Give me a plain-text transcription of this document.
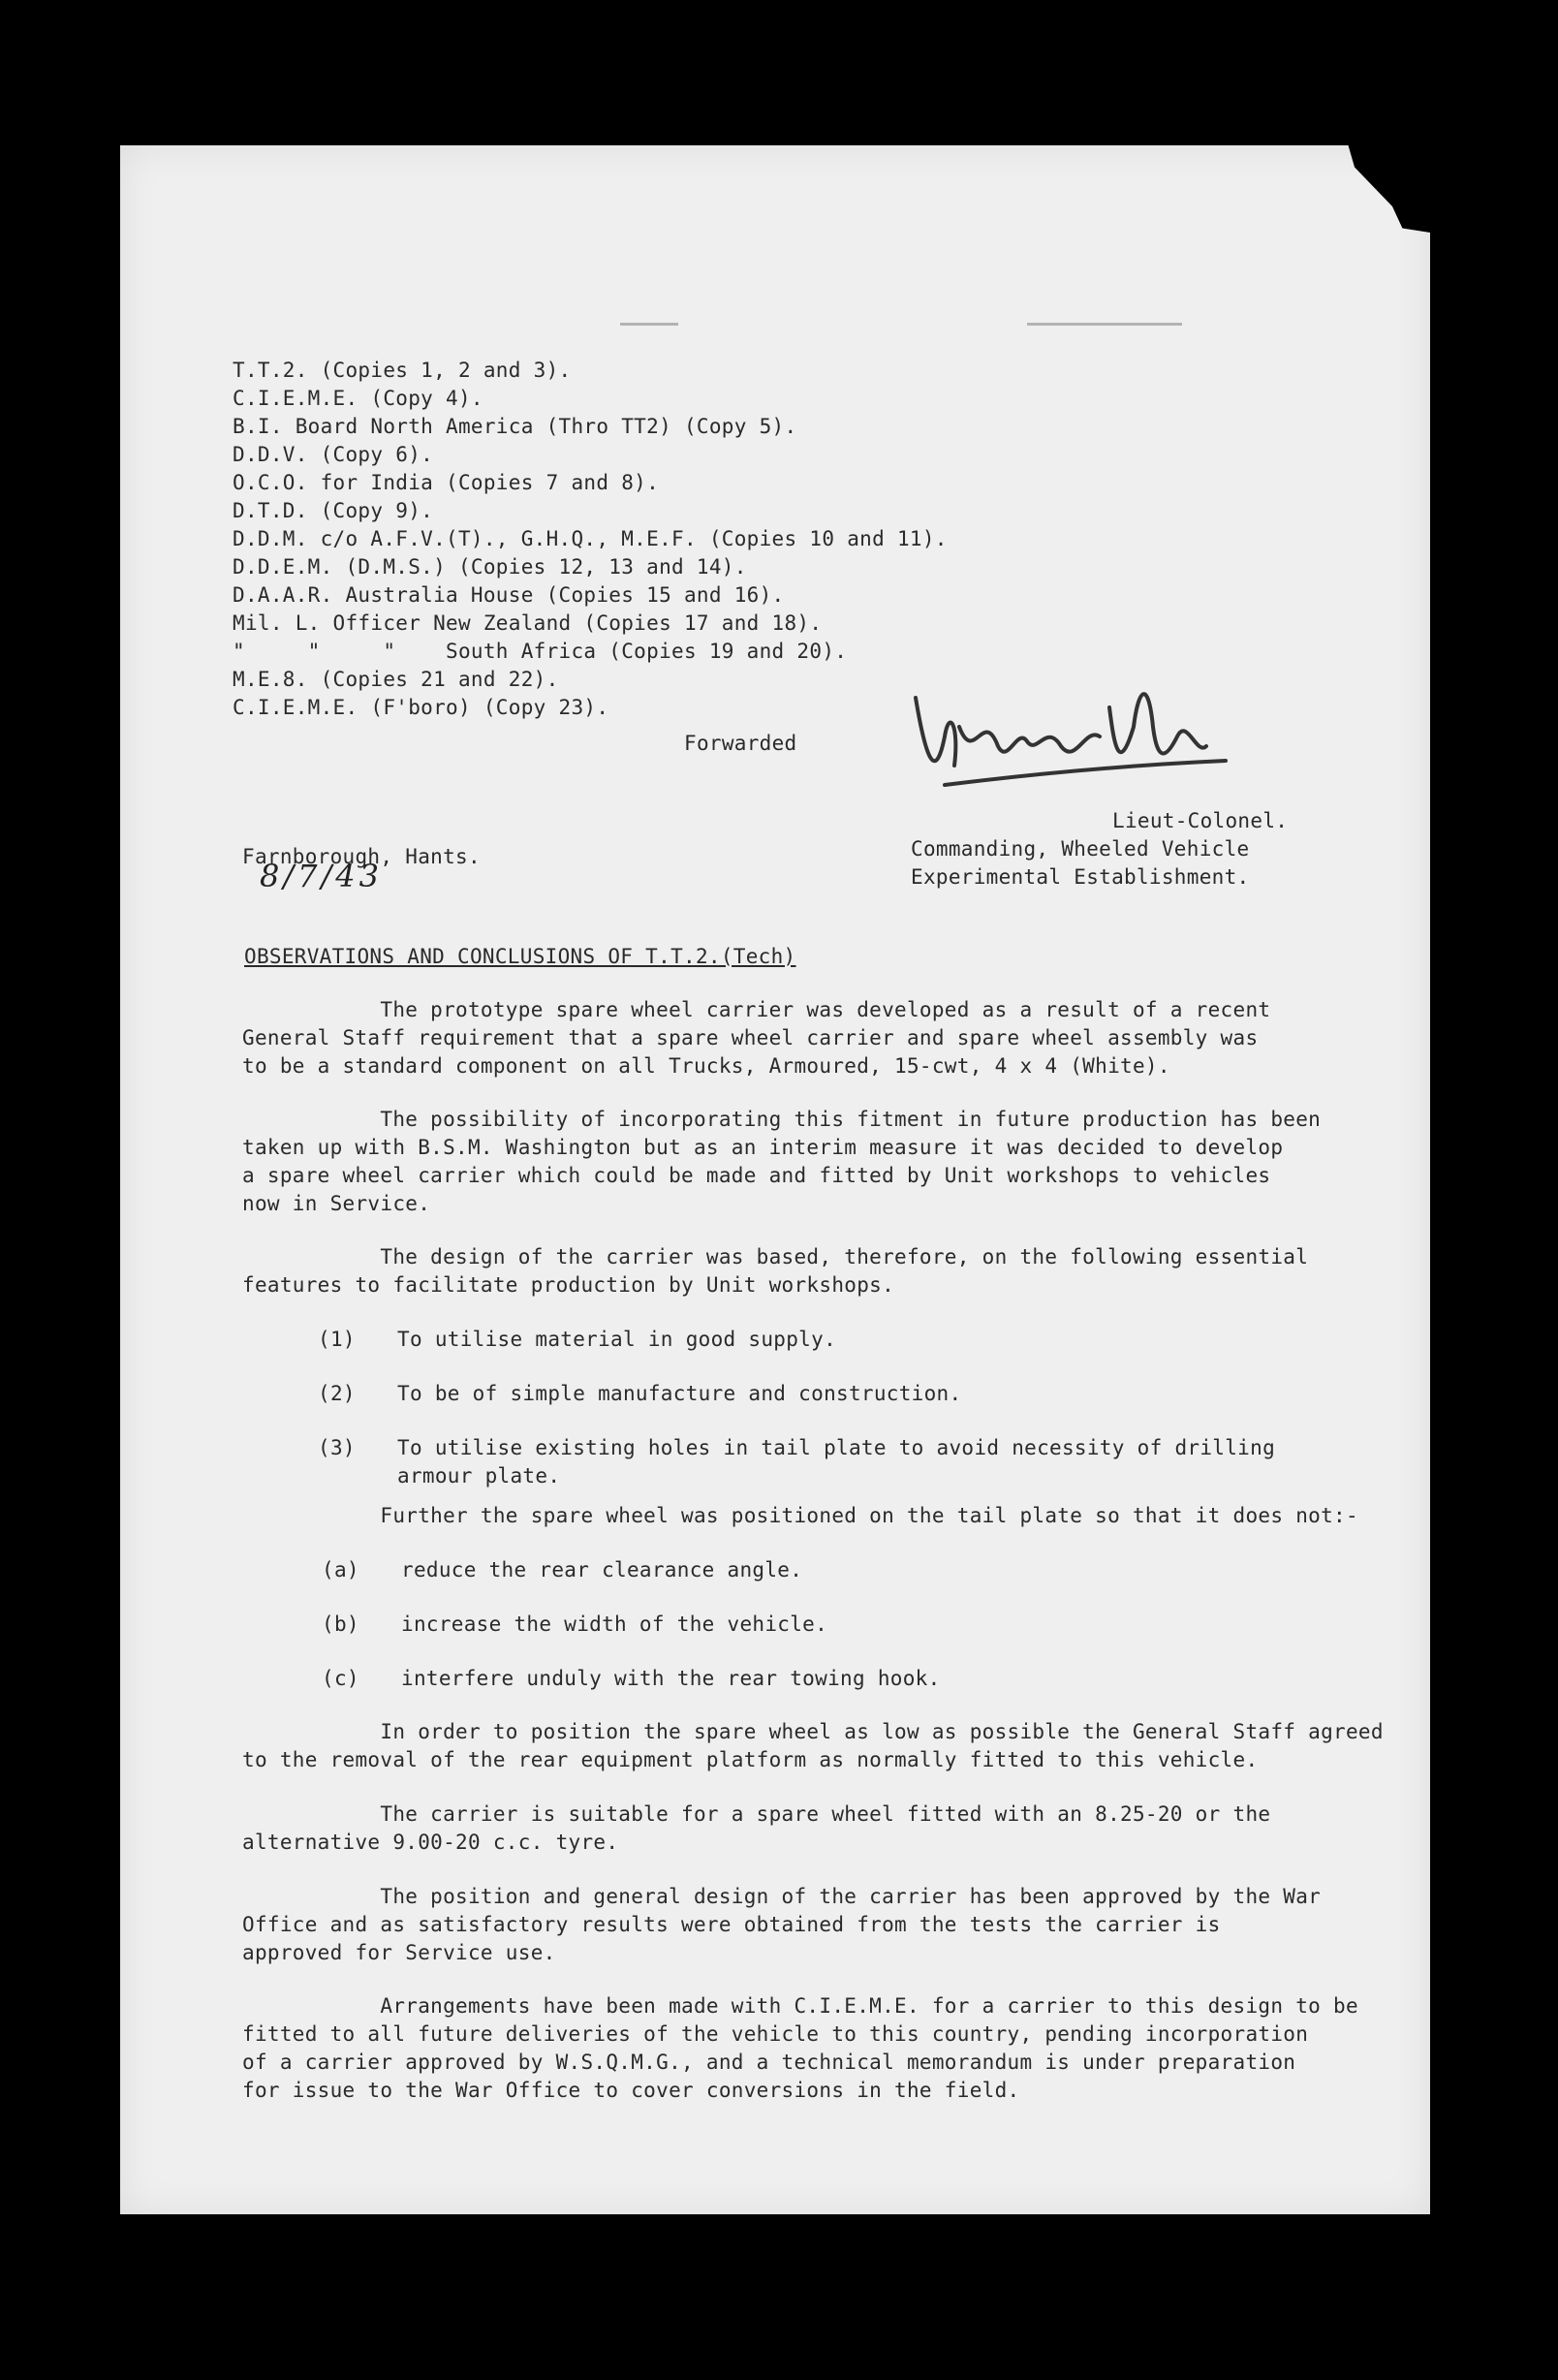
T.T.2. (Copies 1, 2 and 3).
C.I.E.M.E. (Copy 4).
B.I. Board North America (Thro TT2) (Copy 5).
D.D.V. (Copy 6).
O.C.O. for India (Copies 7 and 8).
D.T.D. (Copy 9).
D.D.M. c/o A.F.V.(T)., G.H.Q., M.E.F. (Copies 10 and 11).
D.D.E.M. (D.M.S.) (Copies 12, 13 and 14).
D.A.A.R. Australia House (Copies 15 and 16).
Mil. L. Officer New Zealand (Copies 17 and 18).
"     "     "    South Africa (Copies 19 and 20).
M.E.8. (Copies 21 and 22).
C.I.E.M.E. (F'boro) (Copy 23).
Forwarded
Lieut-Colonel.
Commanding, Wheeled Vehicle
Experimental Establishment.
Farnborough, Hants.
8/7/43
OBSERVATIONS AND CONCLUSIONS OF T.T.2.(Tech)
The prototype spare wheel carrier was developed as a result of a recent
General Staff requirement that a spare wheel carrier and spare wheel assembly was
to be a standard component on all Trucks, Armoured, 15-cwt, 4 x 4 (White).
The possibility of incorporating this fitment in future production has been
taken up with B.S.M. Washington but as an interim measure it was decided to develop
a spare wheel carrier which could be made and fitted by Unit workshops to vehicles
now in Service.
The design of the carrier was based, therefore, on the following essential
features to facilitate production by Unit workshops.
(1) To utilise material in good supply.
(2) To be of simple manufacture and construction.
(3) To utilise existing holes in tail plate to avoid necessity of drilling
armour plate.
Further the spare wheel was positioned on the tail plate so that it does not:-
(a) reduce the rear clearance angle.
(b) increase the width of the vehicle.
(c) interfere unduly with the rear towing hook.
In order to position the spare wheel as low as possible the General Staff agreed
to the removal of the rear equipment platform as normally fitted to this vehicle.
The carrier is suitable for a spare wheel fitted with an 8.25-20 or the
alternative 9.00-20 c.c. tyre.
The position and general design of the carrier has been approved by the War
Office and as satisfactory results were obtained from the tests the carrier is
approved for Service use.
Arrangements have been made with C.I.E.M.E. for a carrier to this design to be
fitted to all future deliveries of the vehicle to this country, pending incorporation
of a carrier approved by W.S.Q.M.G., and a technical memorandum is under preparation
for issue to the War Office to cover conversions in the field.
